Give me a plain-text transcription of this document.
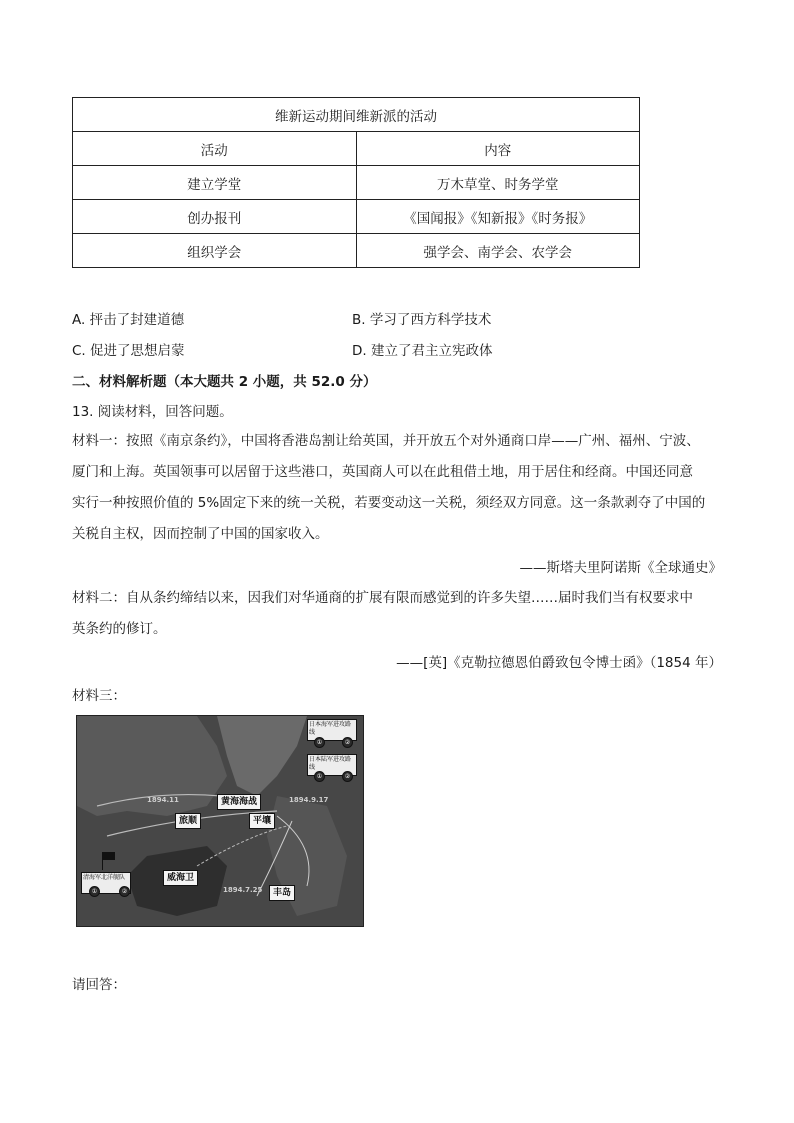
维新运动期间维新派的活动	
活动	内容
建立学堂	万木草堂、时务学堂
创办报刊	《国闻报》《知新报》《时务报》
组织学会	强学会、南学会、农学会
A. 抨击了封建道德	B. 学习了西方科学技术
C. 促进了思想启蒙	D. 建立了君主立宪政体
二、材料解析题（本大题共 2 小题，共 52.0 分）
13. 阅读材料，回答问题。
材料一：按照《南京条约》，中国将香港岛割让给英国，并开放五个对外通商口岸——广州、福州、宁波、
厦门和上海。英国领事可以居留于这些港口，英国商人可以在此租借土地，用于居住和经商。中国还同意
实行一种按照价值的 5%固定下来的统一关税，若要变动这一关税，须经双方同意。这一条款剥夺了中国的
关税自主权，因而控制了中国的国家收入。
——斯塔夫里阿诺斯《全球通史》
材料二：自从条约缔结以来，因我们对华通商的扩展有限而感觉到的许多失望……届时我们当有权要求中
英条约的修订。
——[英]《克勒拉德恩伯爵致包令博士函》（1854 年）
材料三：
黄海海战
旅顺	平壤
威海卫
丰岛
1894.11	1894.9.17
1894.7.25
日本海军进攻路线
①	②
日本陆军进攻路线
①	②
清海军北洋舰队
①	②
请回答：
